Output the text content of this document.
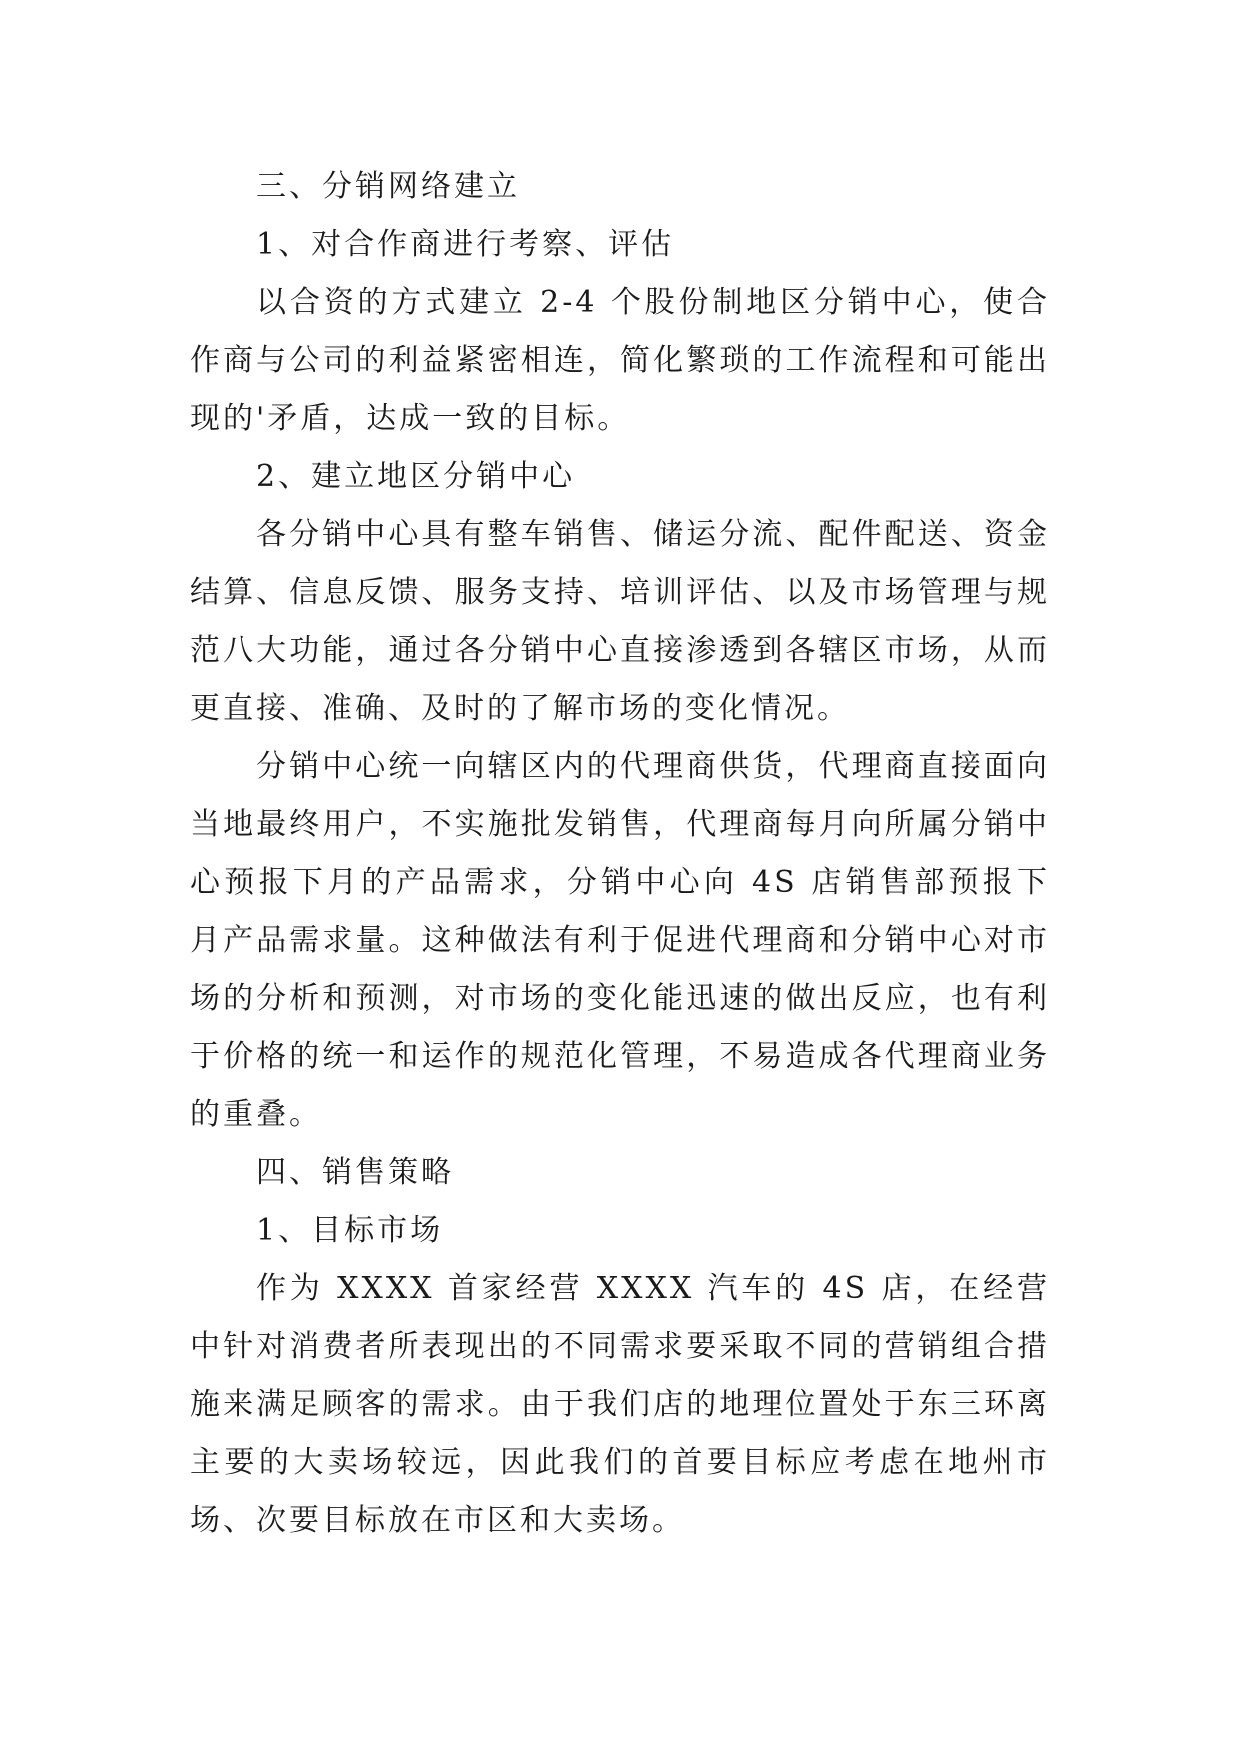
三、分销网络建立

1、对合作商进行考察、评估

以合资的方式建立 2-4 个股份制地区分销中心，使合作商与公司的利益紧密相连，简化繁琐的工作流程和可能出现的'矛盾，达成一致的目标。

2、建立地区分销中心

各分销中心具有整车销售、储运分流、配件配送、资金结算、信息反馈、服务支持、培训评估、以及市场管理与规范八大功能，通过各分销中心直接渗透到各辖区市场，从而更直接、准确、及时的了解市场的变化情况。

分销中心统一向辖区内的代理商供货，代理商直接面向当地最终用户，不实施批发销售，代理商每月向所属分销中心预报下月的产品需求，分销中心向 4S 店销售部预报下月产品需求量。这种做法有利于促进代理商和分销中心对市场的分析和预测，对市场的变化能迅速的做出反应，也有利于价格的统一和运作的规范化管理，不易造成各代理商业务的重叠。

四、销售策略

1、目标市场

作为 XXXX 首家经营 XXXX 汽车的 4S 店，在经营中针对消费者所表现出的不同需求要采取不同的营销组合措施来满足顾客的需求。由于我们店的地理位置处于东三环离主要的大卖场较远，因此我们的首要目标应考虑在地州市场、次要目标放在市区和大卖场。
